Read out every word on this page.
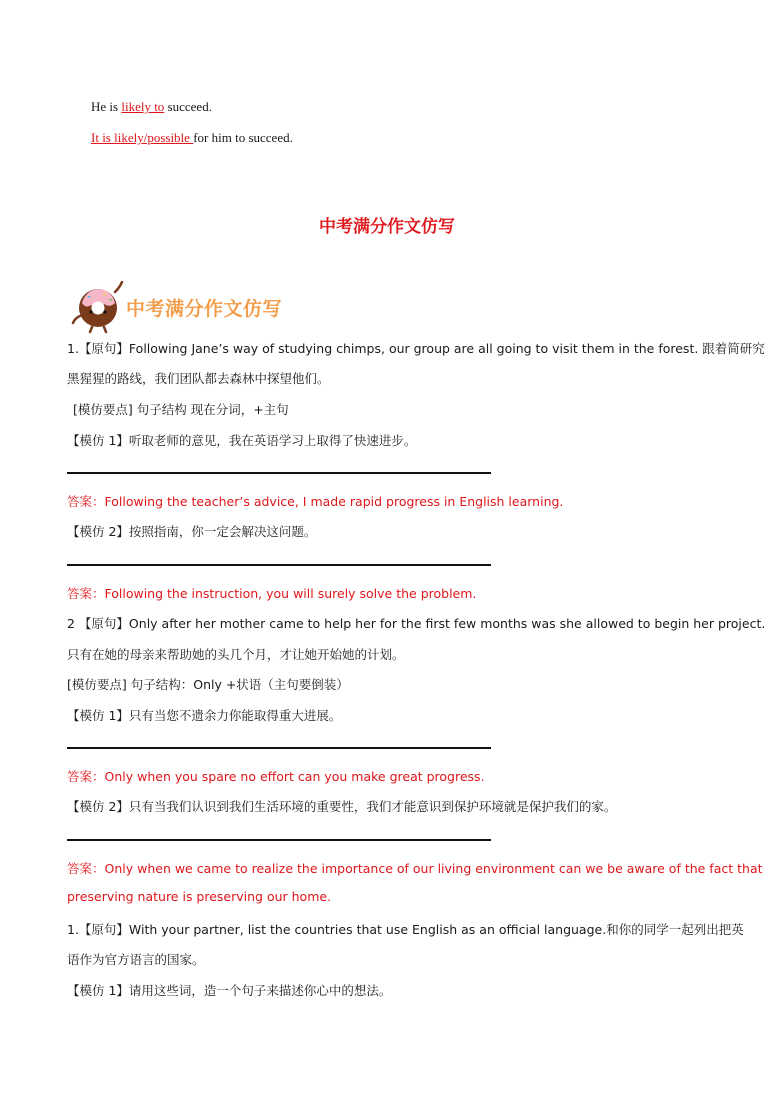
He is likely to succeed.
It is likely/possible for him to succeed.
中考满分作文仿写
中考满分作文仿写
1.【原句】Following Jane’s way of studying chimps, our group are all going to visit them in the forest. 跟着简研究
黑猩猩的路线，我们团队都去森林中探望他们。
[模仿要点] 句子结构 现在分词，+主句
【模仿 1】听取老师的意见，我在英语学习上取得了快速进步。
答案：Following the teacher’s advice, I made rapid progress in English learning.
【模仿 2】按照指南，你一定会解决这问题。
答案：Following the instruction, you will surely solve the problem.
2 【原句】Only after her mother came to help her for the first few months was she allowed to begin her project.
只有在她的母亲来帮助她的头几个月，才让她开始她的计划。
[模仿要点] 句子结构：Only +状语（主句要倒装）
【模仿 1】只有当您不遗余力你能取得重大进展。
答案：Only when you spare no effort can you make great progress.
【模仿 2】只有当我们认识到我们生活环境的重要性，我们才能意识到保护环境就是保护我们的家。
答案：Only when we came to realize the importance of our living environment can we be aware of the fact that
preserving nature is preserving our home.
1.【原句】With your partner, list the countries that use English as an official language.和你的同学一起列出把英
语作为官方语言的国家。
【模仿 1】请用这些词，造一个句子来描述你心中的想法。
